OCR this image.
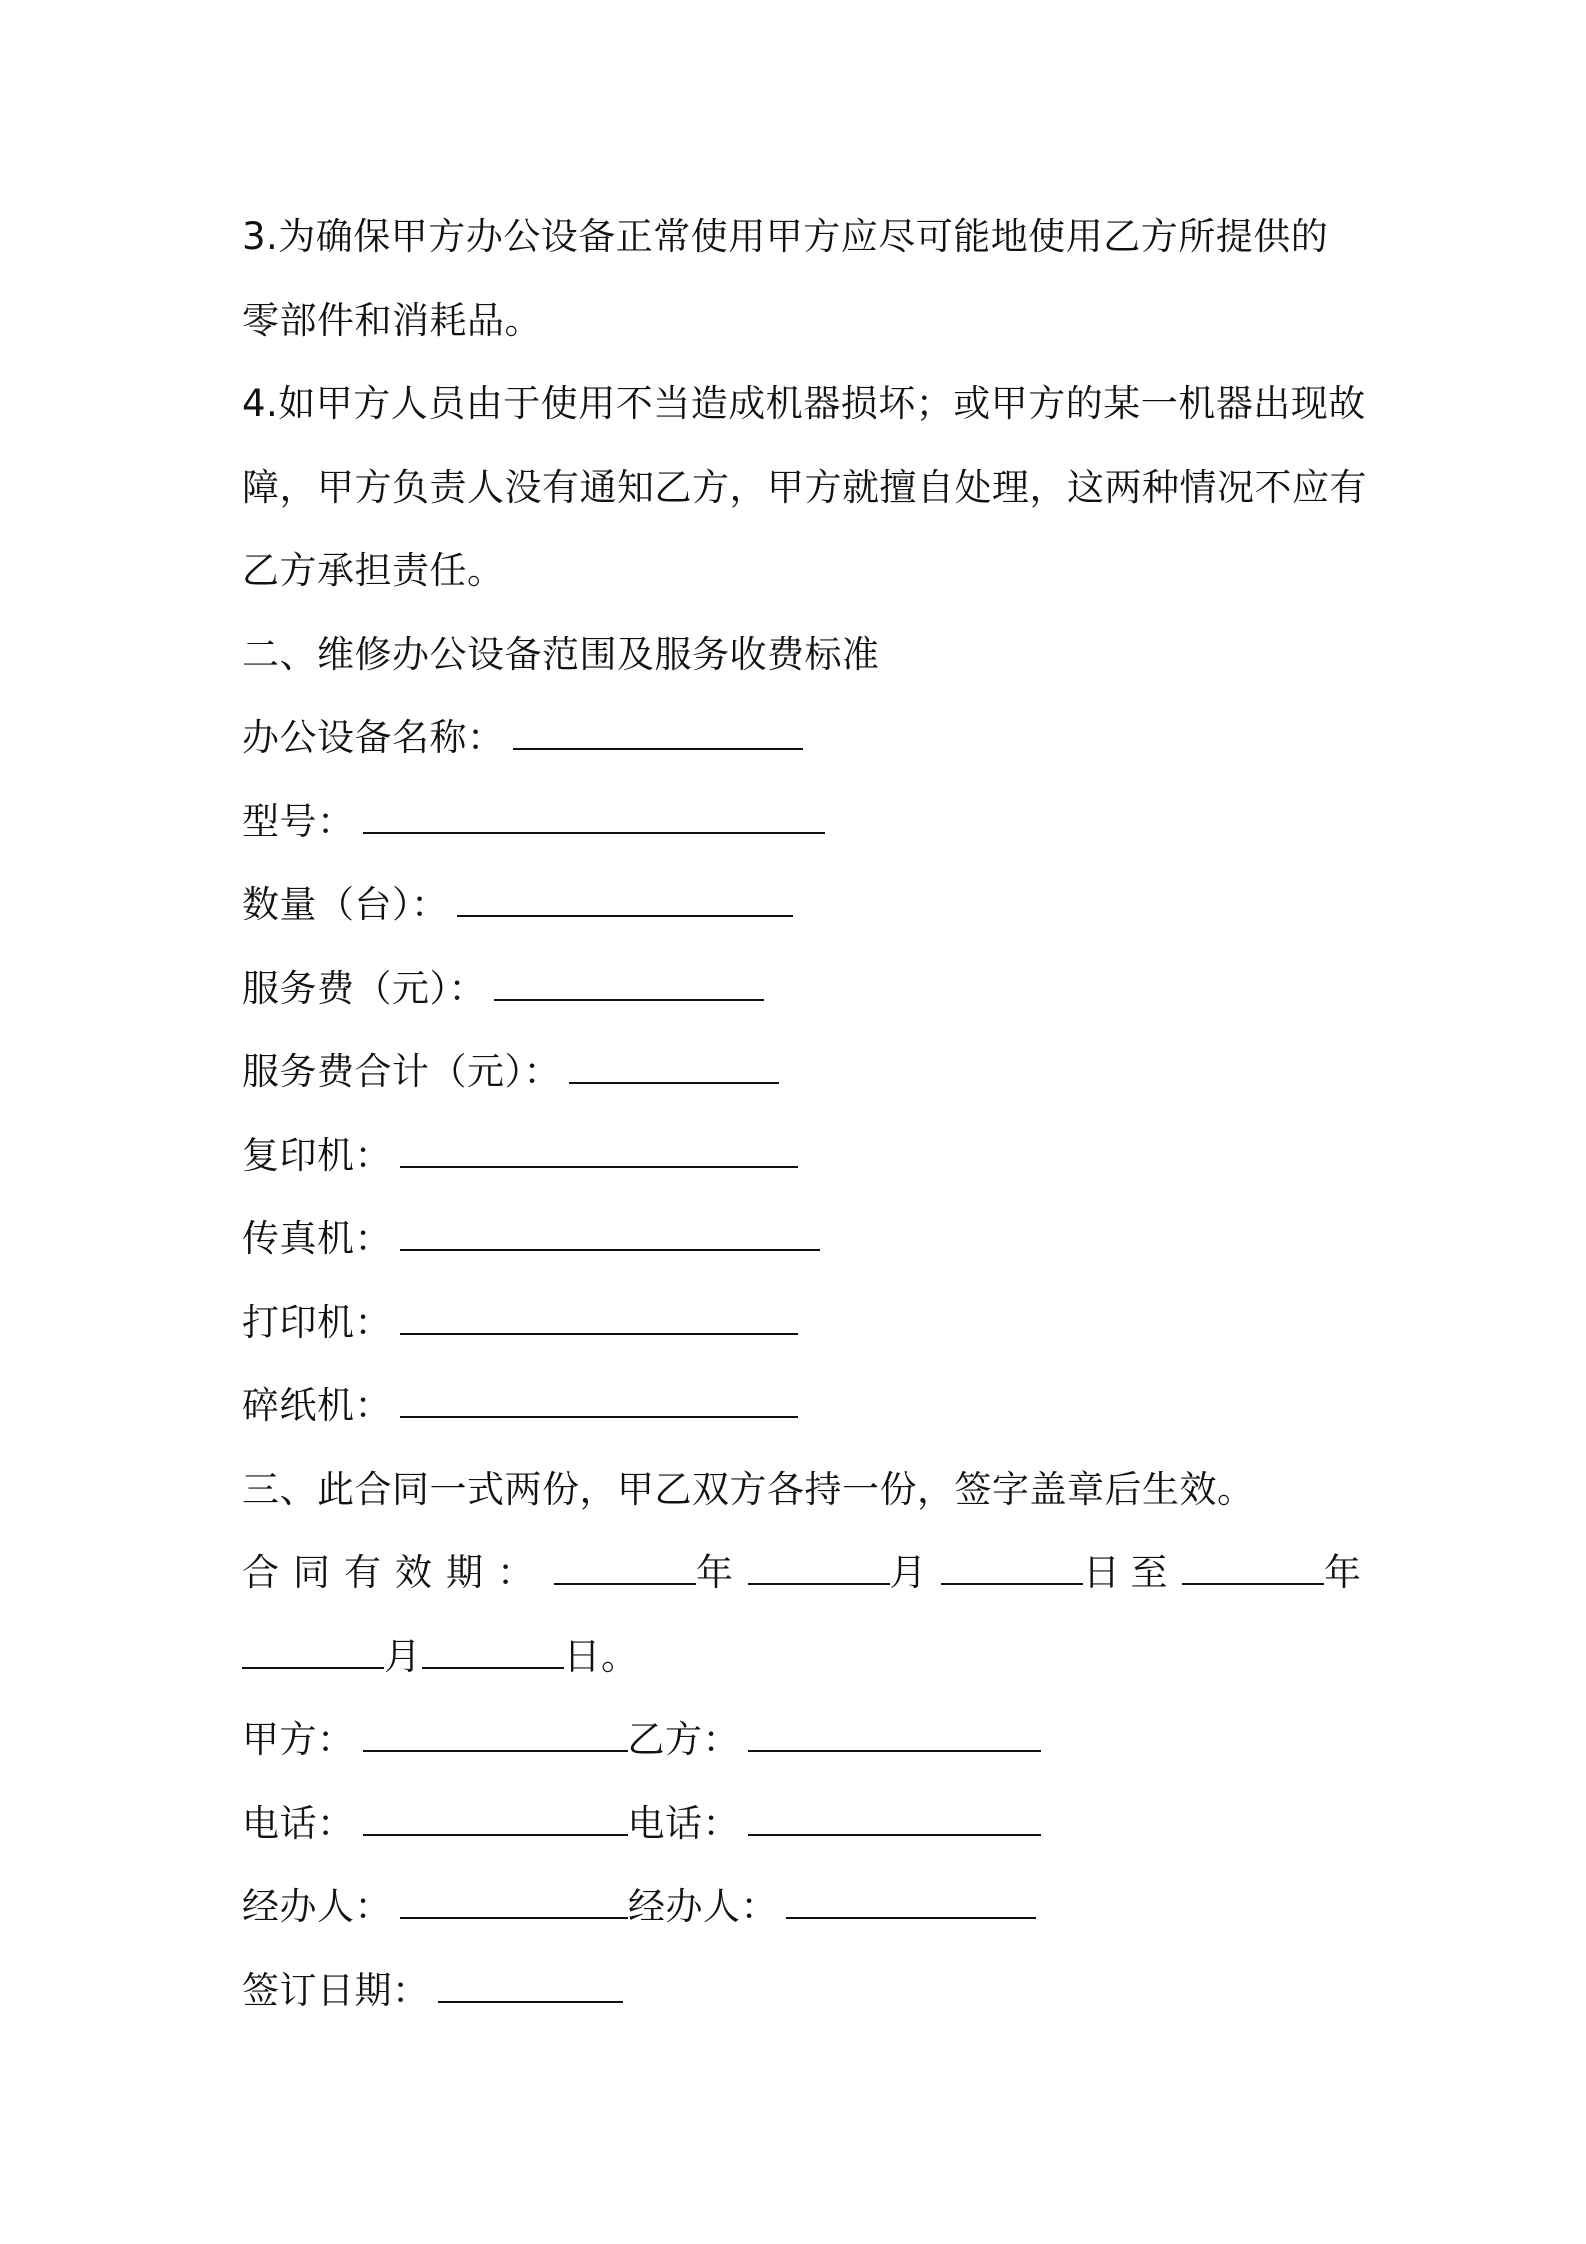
3.为确保甲方办公设备正常使用甲方应尽可能地使用乙方所提供的
零部件和消耗品。
4.如甲方人员由于使用不当造成机器损坏；或甲方的某一机器出现故
障，甲方负责人没有通知乙方，甲方就擅自处理，这两种情况不应有
乙方承担责任。
二、维修办公设备范围及服务收费标准
办公设备名称：
型号：
数量（台）：
服务费（元）：
服务费合计（元）：
复印机：
传真机：
打印机：
碎纸机：
三、此合同一式两份，甲乙双方各持一份，签字盖章后生效。
合同有效期：	年	月	日 至	年
月	日。
甲方：	乙方：
电话：	电话：
经办人：	经办人：
签订日期：
